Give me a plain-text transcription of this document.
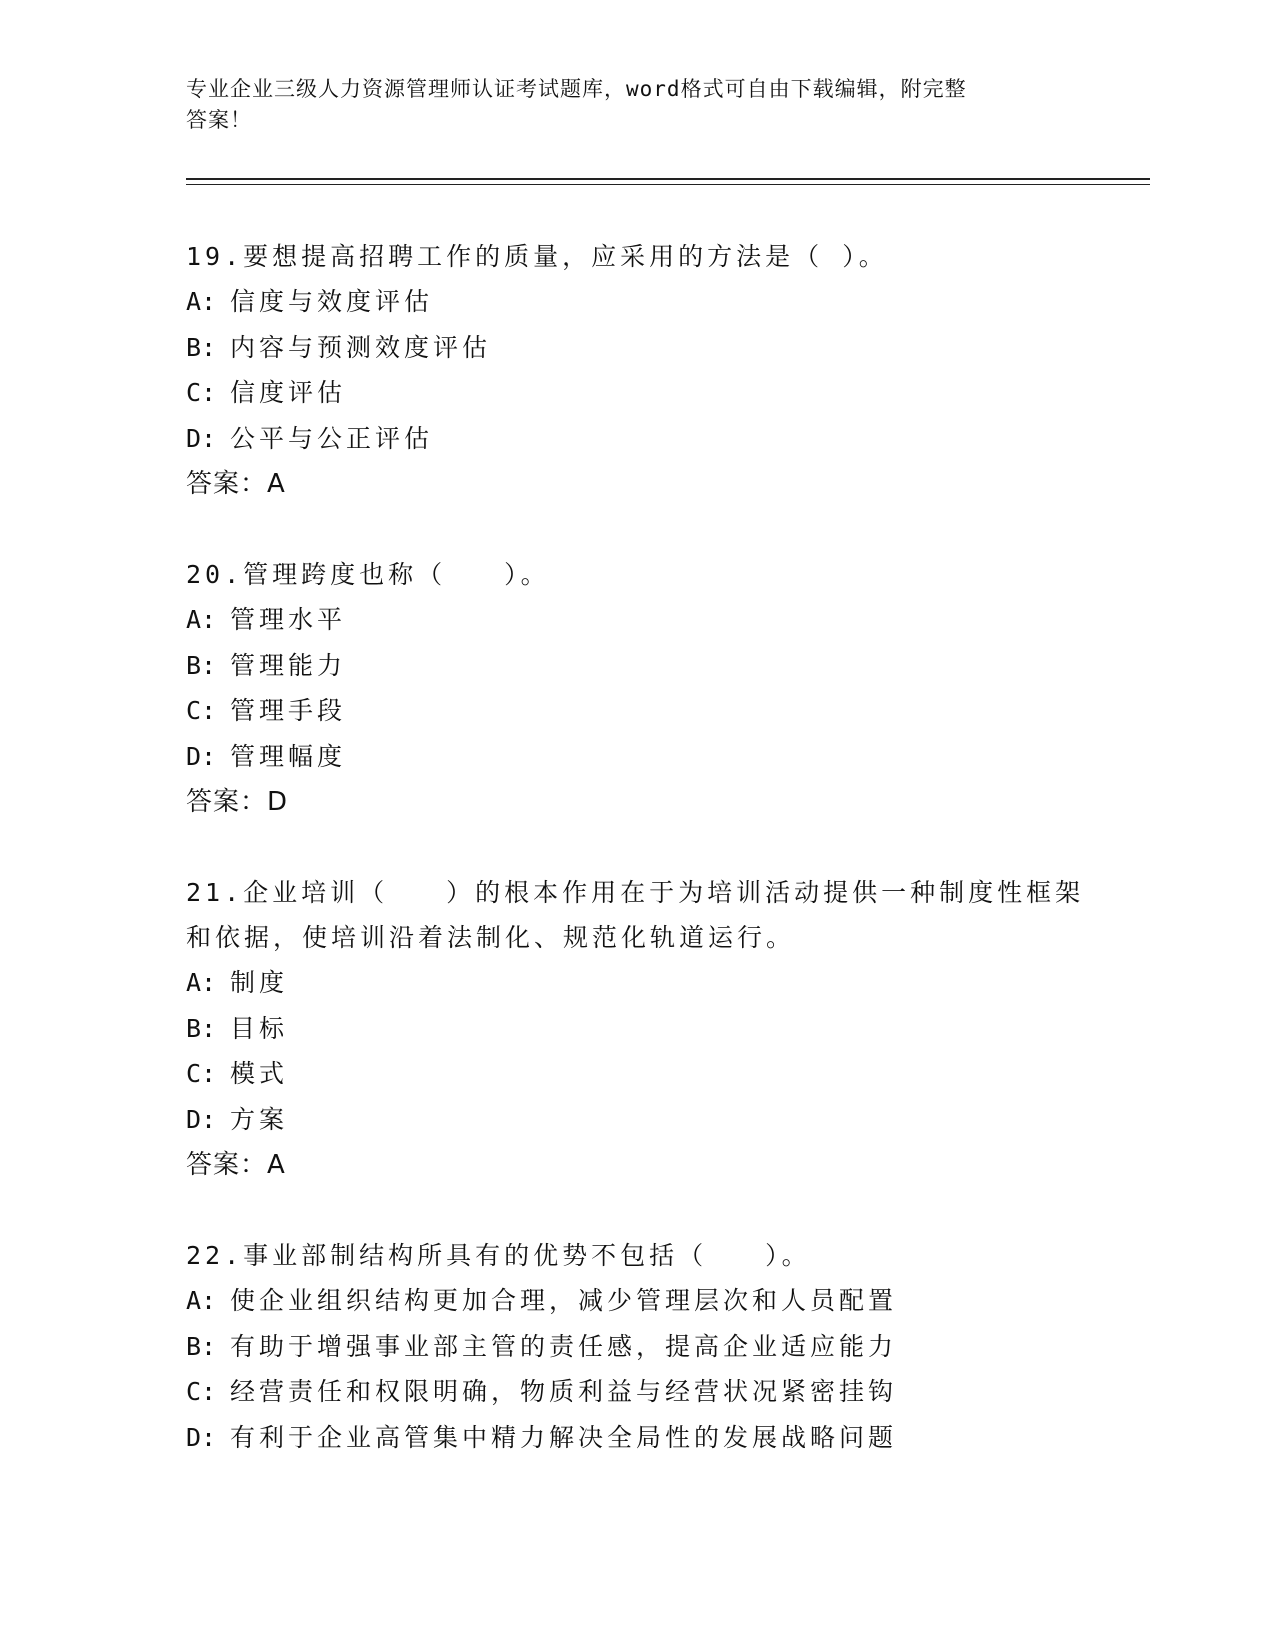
专业企业三级人力资源管理师认证考试题库，word格式可自由下载编辑，附完整
答案！

19.要想提高招聘工作的质量，应采用的方法是（ ）。

A: 信度与效度评估

B: 内容与预测效度评估

C: 信度评估

D: 公平与公正评估

答案：A

20.管理跨度也称（　　）。

A: 管理水平

B: 管理能力

C: 管理手段

D: 管理幅度

答案：D

21.企业培训（　　）的根本作用在于为培训活动提供一种制度性框架

和依据，使培训沿着法制化、规范化轨道运行。

A: 制度

B: 目标

C: 模式

D: 方案

答案：A

22.事业部制结构所具有的优势不包括（　　）。

A: 使企业组织结构更加合理，减少管理层次和人员配置

B: 有助于增强事业部主管的责任感，提高企业适应能力

C: 经营责任和权限明确，物质利益与经营状况紧密挂钩

D: 有利于企业高管集中精力解决全局性的发展战略问题
